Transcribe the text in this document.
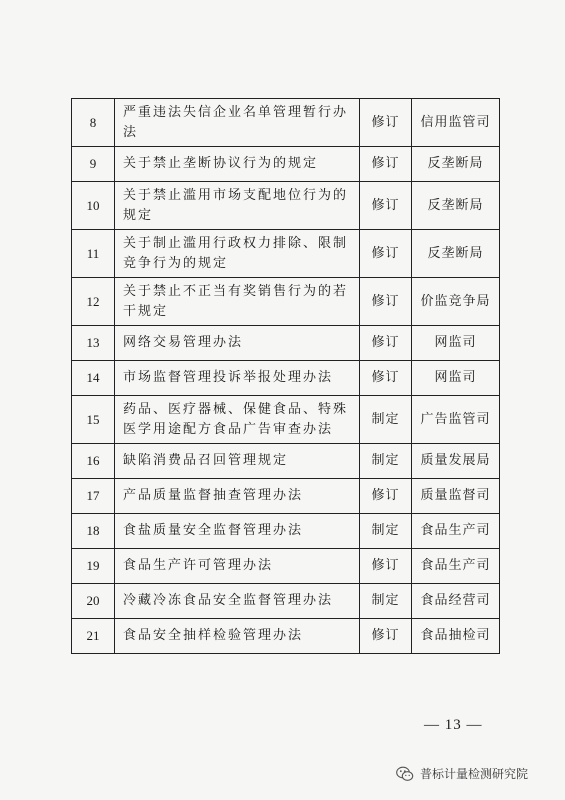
8	严重违法失信企业名单管理暂行办法	修订	信用监管司
9	关于禁止垄断协议行为的规定	修订	反垄断局
10	关于禁止滥用市场支配地位行为的规定	修订	反垄断局
11	关于制止滥用行政权力排除、限制竞争行为的规定	修订	反垄断局
12	关于禁止不正当有奖销售行为的若干规定	修订	价监竞争局
13	网络交易管理办法	修订	网监司
14	市场监督管理投诉举报处理办法	修订	网监司
15	药品、医疗器械、保健食品、特殊医学用途配方食品广告审查办法	制定	广告监管司
16	缺陷消费品召回管理规定	制定	质量发展局
17	产品质量监督抽查管理办法	修订	质量监督司
18	食盐质量安全监督管理办法	制定	食品生产司
19	食品生产许可管理办法	修订	食品生产司
20	冷藏冷冻食品安全监督管理办法	制定	食品经营司
21	食品安全抽样检验管理办法	修订	食品抽检司
— 13 —
普标计量检测研究院
